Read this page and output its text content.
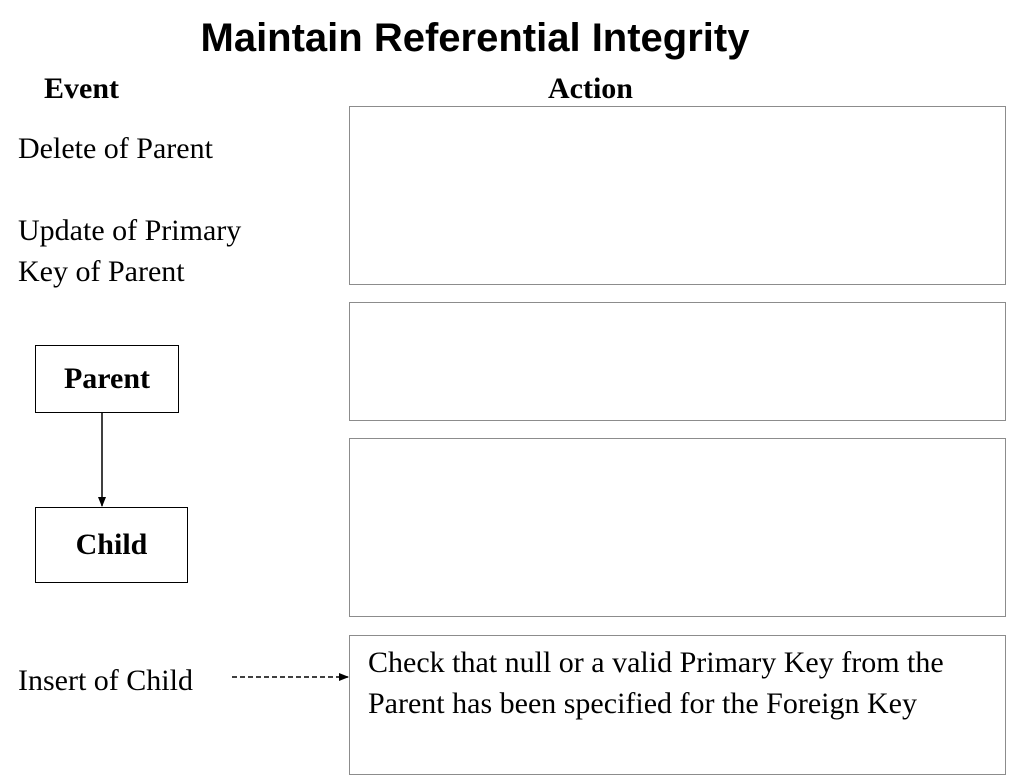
Maintain Referential Integrity
Event	Action
Delete of Parent
Update of Primary
Key of Parent
Insert of Child
Check that null or a valid Primary Key from the Parent has been specified for the Foreign Key
Parent
Child
